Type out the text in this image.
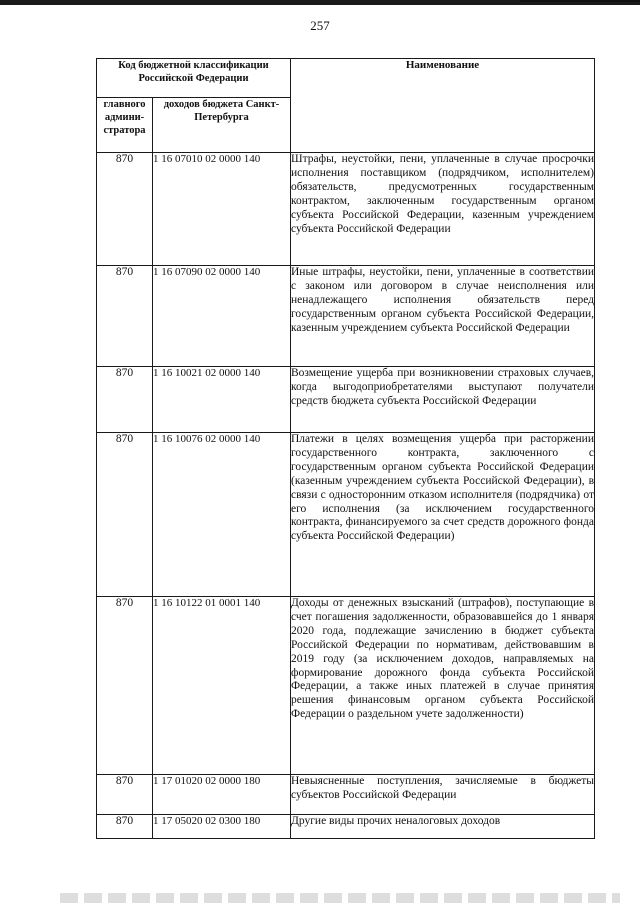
257
Код бюджетной классификации Российской Федерации		Наименование
главного админи-стратора	доходов бюджета Санкт-Петербурга	
870	1 16 07010 02 0000 140	Штрафы, неустойки, пени, уплаченные в случае просрочки исполнения поставщиком (подрядчиком, исполнителем) обязательств, предусмотренных государственным контрактом, заключенным государственным органом субъекта Российской Федерации, казенным учреждением субъекта Российской Федерации
870	1 16 07090 02 0000 140	Иные штрафы, неустойки, пени, уплаченные в соответствии с законом или договором в случае неисполнения или ненадлежащего исполнения обязательств перед государственным органом субъекта Российской Федерации, казенным учреждением субъекта Российской Федерации
870	1 16 10021 02 0000 140	Возмещение ущерба при возникновении страховых случаев, когда выгодоприобретателями выступают получатели средств бюджета субъекта Российской Федерации
870	1 16 10076 02 0000 140	Платежи в целях возмещения ущерба при расторжении государственного контракта, заключенного с государственным органом субъекта Российской Федерации (казенным учреждением субъекта Российской Федерации), в связи с односторонним отказом исполнителя (подрядчика) от его исполнения (за исключением государственного контракта, финансируемого за счет средств дорожного фонда субъекта Российской Федерации)
870	1 16 10122 01 0001 140	Доходы от денежных взысканий (штрафов), поступающие в счет погашения задолженности, образовавшейся до 1 января 2020 года, подлежащие зачислению в бюджет субъекта Российской Федерации по нормативам, действовавшим в 2019 году (за исключением доходов, направляемых на формирование дорожного фонда субъекта Российской Федерации, а также иных платежей в случае принятия решения финансовым органом субъекта Российской Федерации о раздельном учете задолженности)
870	1 17 01020 02 0000 180	Невыясненные поступления, зачисляемые в бюджеты субъектов Российской Федерации
870	1 17 05020 02 0300 180	Другие виды прочих неналоговых доходов
